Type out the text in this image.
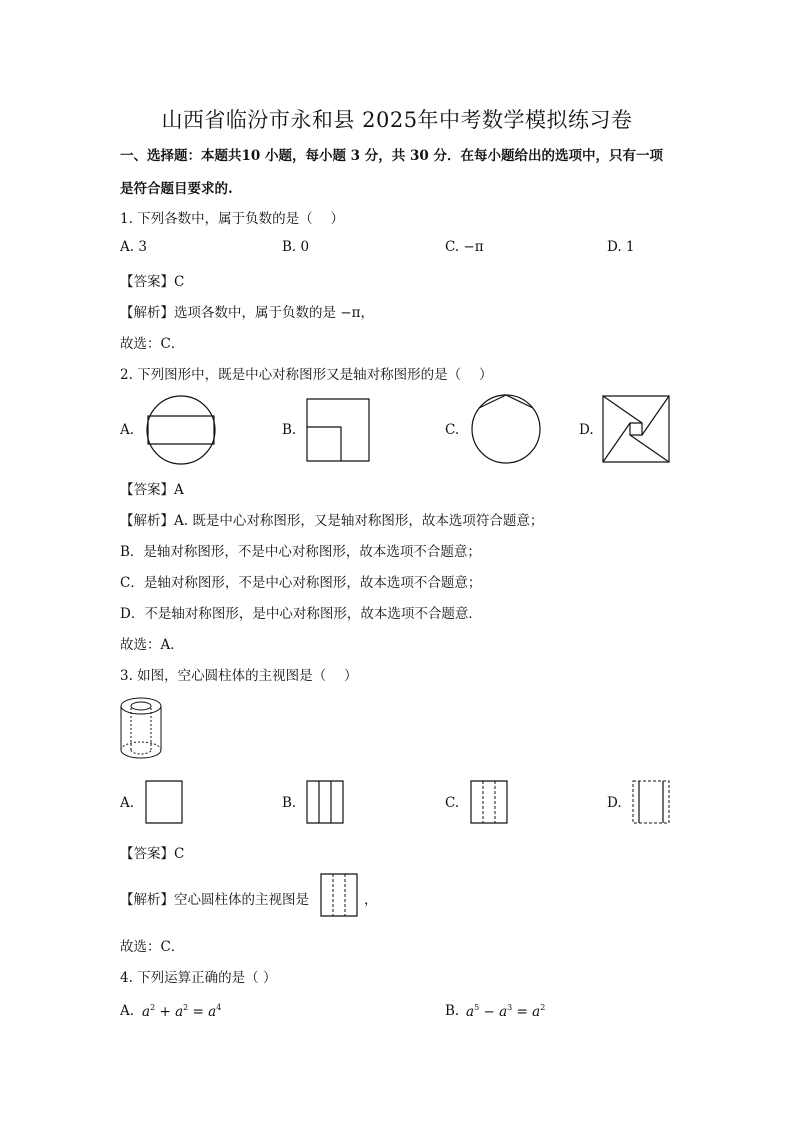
山西省临汾市永和县 2025年中考数学模拟练习卷
一、选择题：本题共10 小题，每小题 3 分，共 30 分．在每小题给出的选项中，只有一项
是符合题目要求的.
1. 下列各数中，属于负数的是（　 ）
A. 3	B. 0	C. −π	D. 1
【答案】C
【解析】选项各数中，属于负数的是 −π，
故选：C．
2. 下列图形中，既是中心对称图形又是轴对称图形的是（　 ）
A.	B.	C.	D.
【答案】A
【解析】A. 既是中心对称图形，又是轴对称图形，故本选项符合题意；
B．是轴对称图形，不是中心对称图形，故本选项不合题意；
C．是轴对称图形，不是中心对称图形，故本选项不合题意；
D．不是轴对称图形，是中心对称图形，故本选项不合题意．
故选：A．
3. 如图，空心圆柱体的主视图是（　 ）
A.	B.	C.	D.
【答案】C
【解析】空心圆柱体的主视图是	，
故选：C．
4. 下列运算正确的是（ ）
A. $a^2 + a^2 = a^4$	B. $a^5 - a^3 = a^2$
